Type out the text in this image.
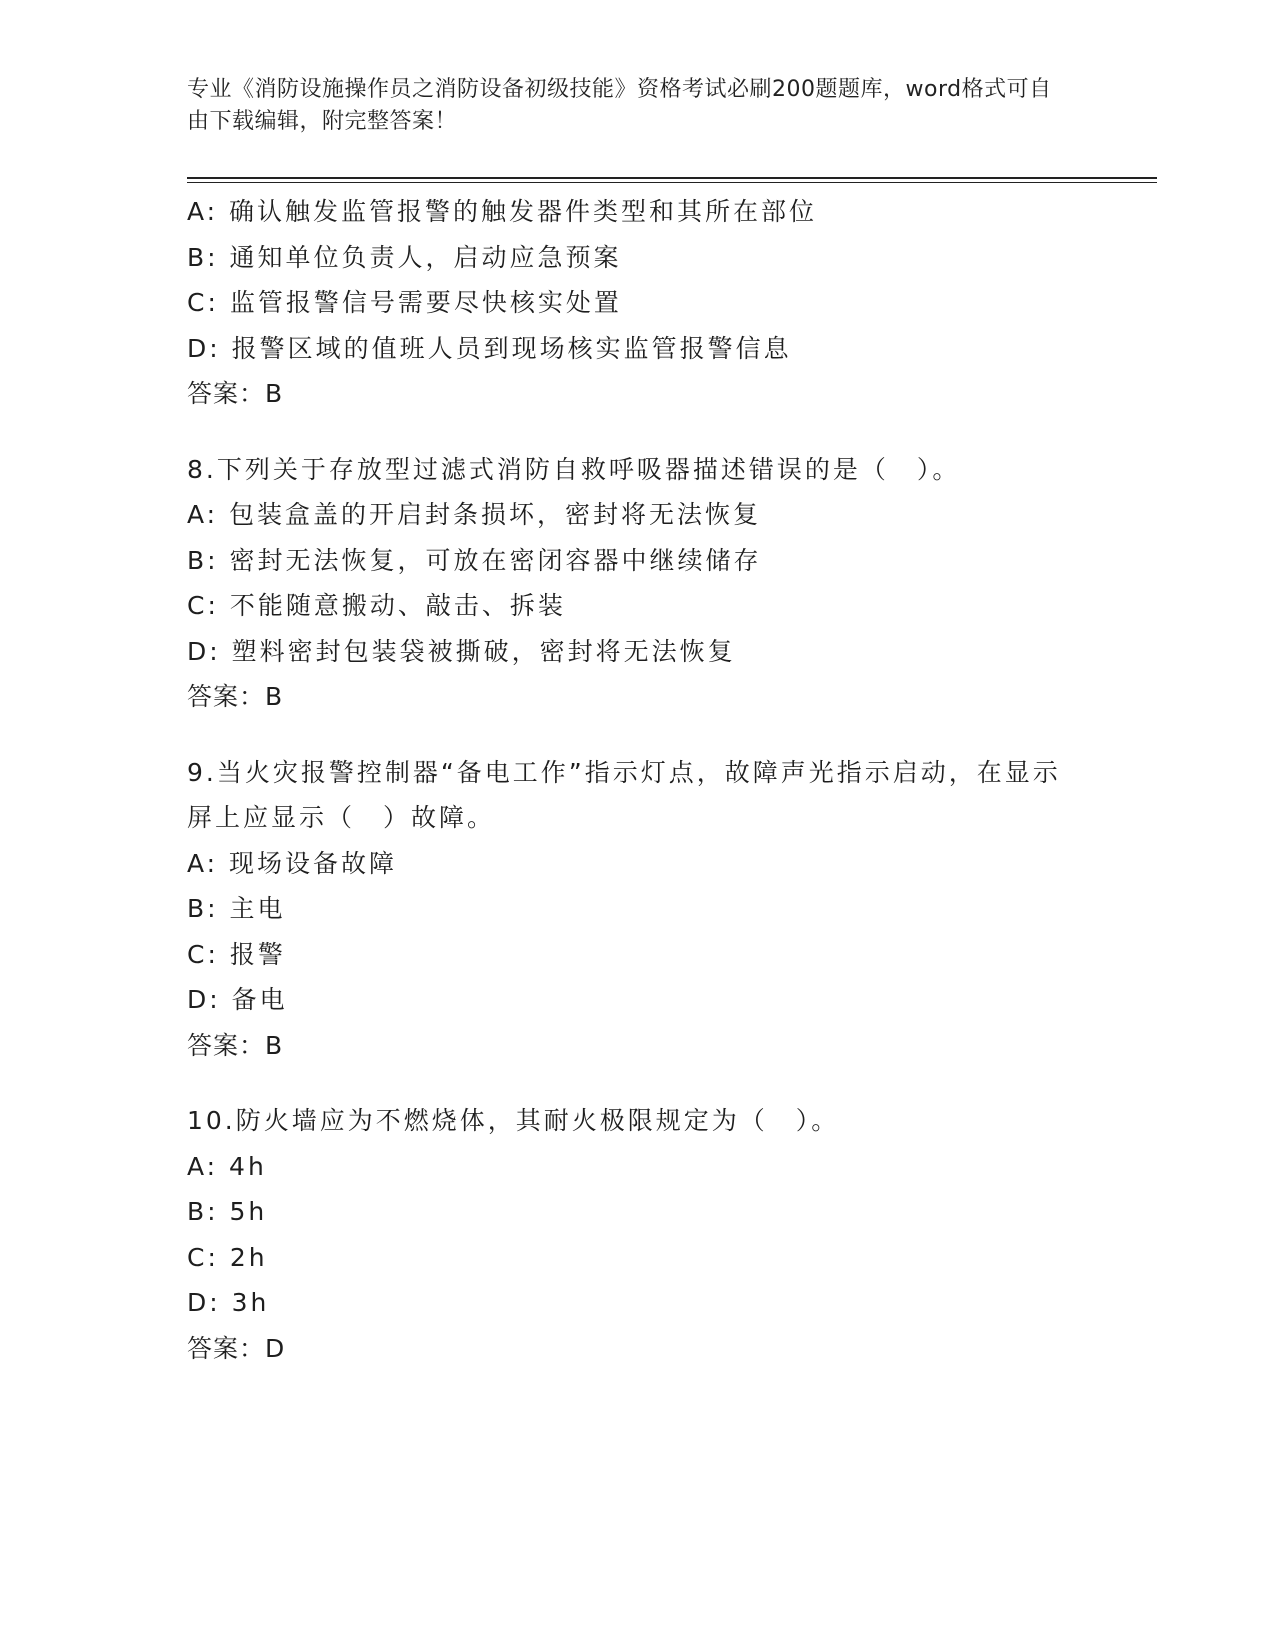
专业《消防设施操作员之消防设备初级技能》资格考试必刷200题题库，word格式可自由下载编辑，附完整答案！
A: 确认触发监管报警的触发器件类型和其所在部位
B: 通知单位负责人，启动应急预案
C: 监管报警信号需要尽快核实处置
D: 报警区域的值班人员到现场核实监管报警信息
答案：B
8.下列关于存放型过滤式消防自救呼吸器描述错误的是（　）。
A: 包装盒盖的开启封条损坏，密封将无法恢复
B: 密封无法恢复，可放在密闭容器中继续储存
C: 不能随意搬动、敲击、拆装
D: 塑料密封包装袋被撕破，密封将无法恢复
答案：B
9.当火灾报警控制器“备电工作”指示灯点，故障声光指示启动，在显示屏上应显示（　）故障。
A: 现场设备故障
B: 主电
C: 报警
D: 备电
答案：B
10.防火墙应为不燃烧体，其耐火极限规定为（　）。
A: 4h
B: 5h
C: 2h
D: 3h
答案：D
